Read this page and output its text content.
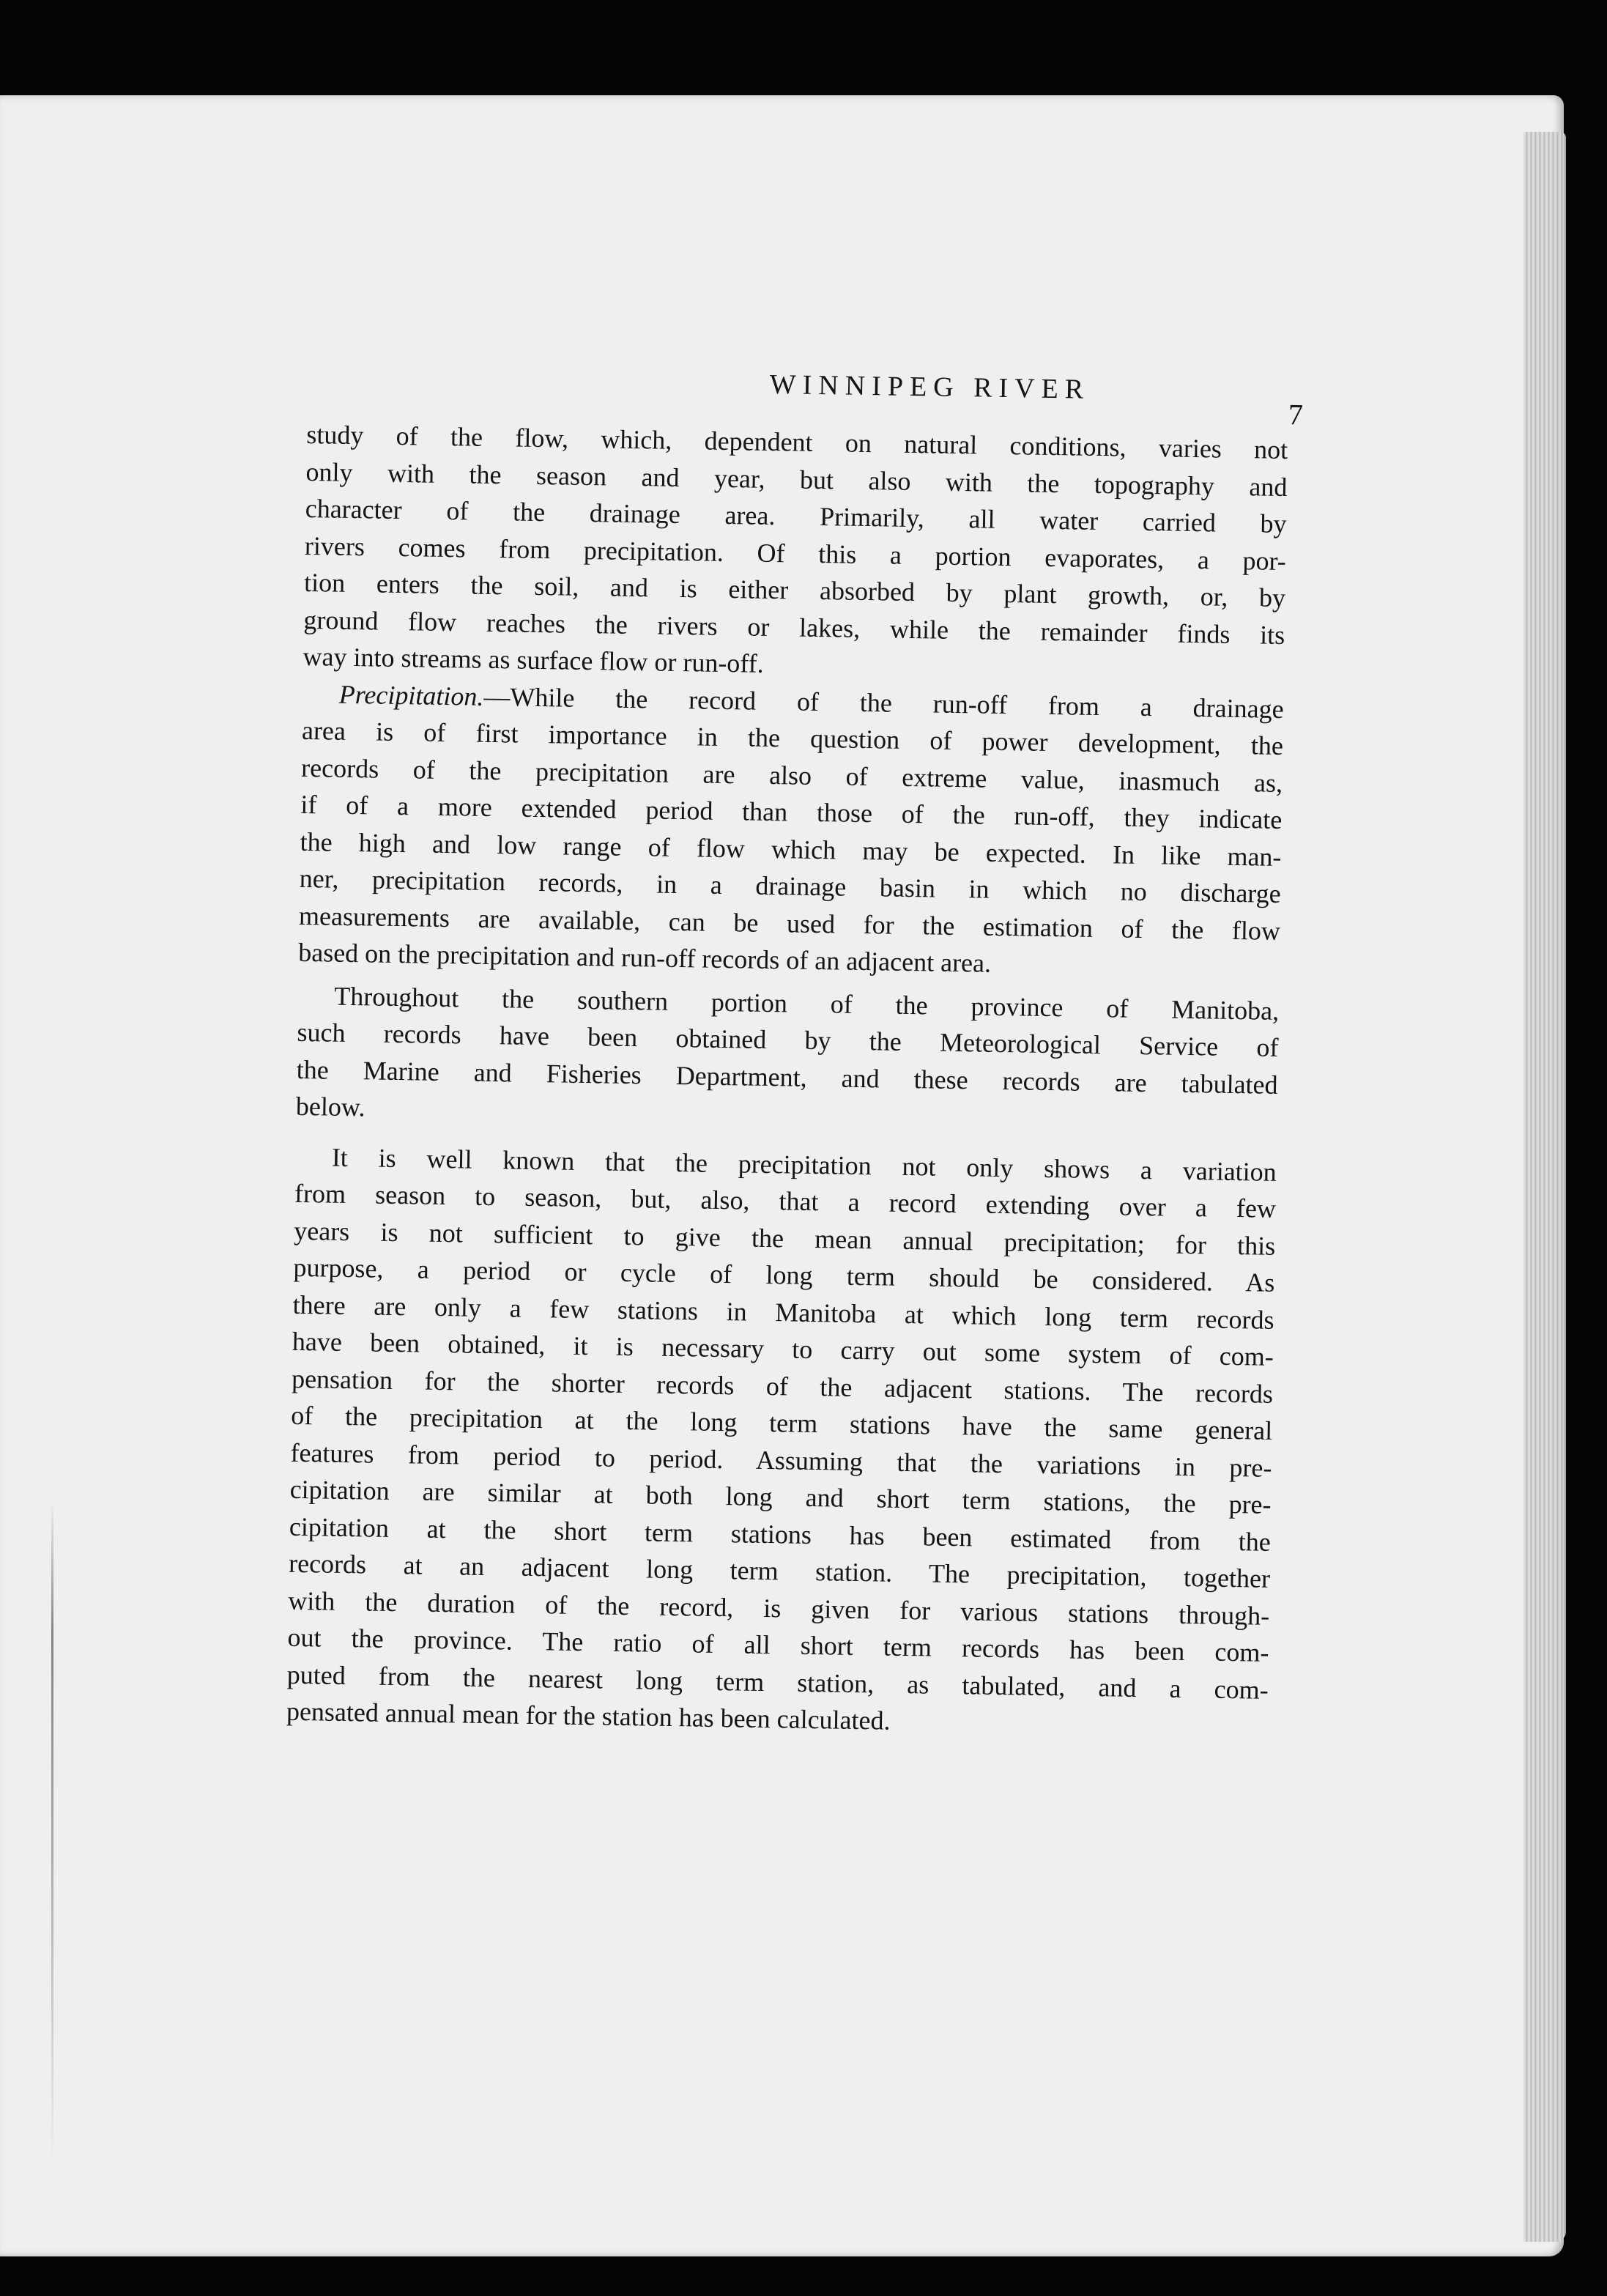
WINNIPEG RIVER
7
study of the flow, which, dependent on natural conditions, varies not
only with the season and year, but also with the topography and
character of the drainage area. Primarily, all water carried by
rivers comes from precipitation. Of this a portion evaporates, a por-
tion enters the soil, and is either absorbed by plant growth, or, by
ground flow reaches the rivers or lakes, while the remainder finds its
way into streams as surface flow or run-off.
Precipitation.—While the record of the run-off from a drainage
area is of first importance in the question of power development, the
records of the precipitation are also of extreme value, inasmuch as,
if of a more extended period than those of the run-off, they indicate
the high and low range of flow which may be expected. In like man-
ner, precipitation records, in a drainage basin in which no discharge
measurements are available, can be used for the estimation of the flow
based on the precipitation and run-off records of an adjacent area.
Throughout the southern portion of the province of Manitoba,
such records have been obtained by the Meteorological Service of
the Marine and Fisheries Department, and these records are tabulated
below.
It is well known that the precipitation not only shows a variation
from season to season, but, also, that a record extending over a few
years is not sufficient to give the mean annual precipitation; for this
purpose, a period or cycle of long term should be considered. As
there are only a few stations in Manitoba at which long term records
have been obtained, it is necessary to carry out some system of com-
pensation for the shorter records of the adjacent stations. The records
of the precipitation at the long term stations have the same general
features from period to period. Assuming that the variations in pre-
cipitation are similar at both long and short term stations, the pre-
cipitation at the short term stations has been estimated from the
records at an adjacent long term station. The precipitation, together
with the duration of the record, is given for various stations through-
out the province. The ratio of all short term records has been com-
puted from the nearest long term station, as tabulated, and a com-
pensated annual mean for the station has been calculated.
